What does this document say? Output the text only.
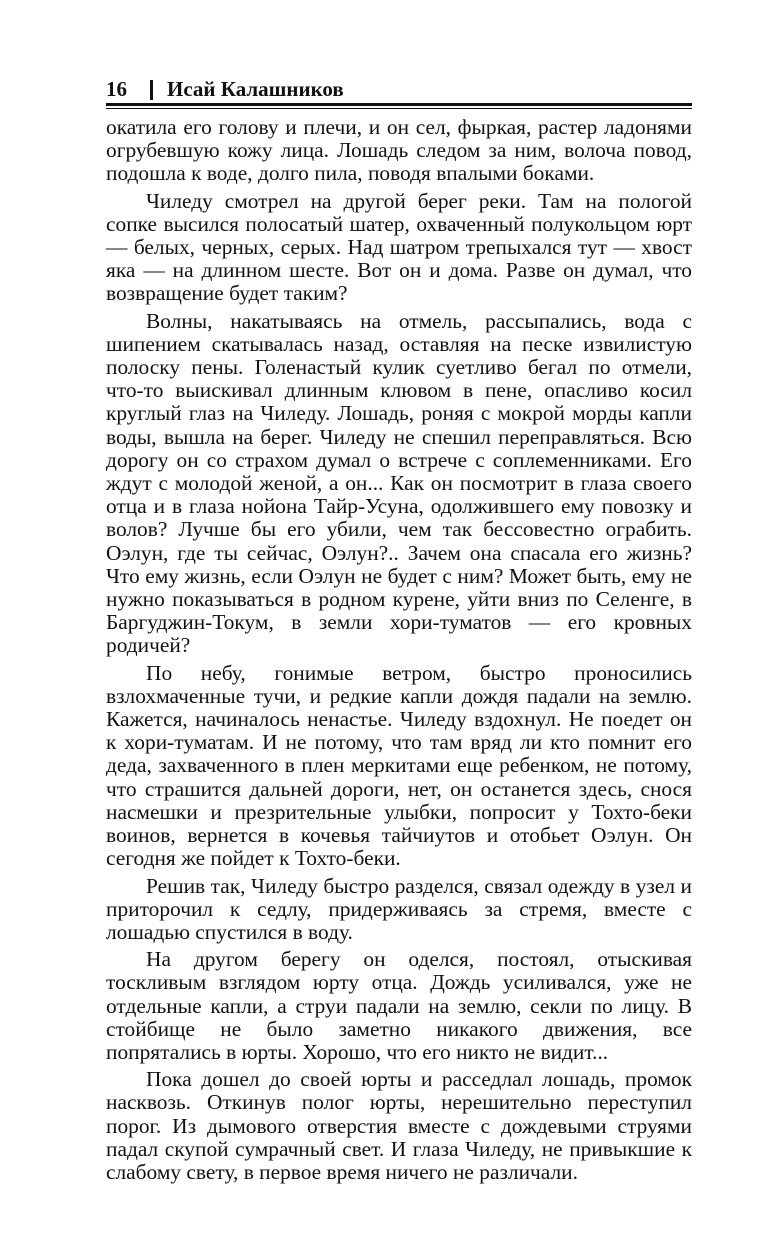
16	Исай Калашников

окатила его голову и плечи, и он сел, фыркая, растер ладонями огрубевшую кожу лица. Лошадь следом за ним, волоча повод, подошла к воде, долго пила, поводя впалыми боками.

Чиледу смотрел на другой берег реки. Там на пологой сопке высился полосатый шатер, охваченный полукольцом юрт — белых, черных, серых. Над шатром трепыхался тут — хвост яка — на длинном шесте. Вот он и дома. Разве он думал, что возвращение будет таким?

Волны, накатываясь на отмель, рассыпались, вода с шипением скатывалась назад, оставляя на песке извилистую полоску пены. Голенастый кулик суетливо бегал по отмели, что-то выискивал длинным клювом в пене, опасливо косил круглый глаз на Чиледу. Лошадь, роняя с мокрой морды капли воды, вышла на берег. Чиледу не спешил переправляться. Всю дорогу он со страхом думал о встрече с соплеменниками. Его ждут с молодой женой, а он... Как он посмотрит в глаза своего отца и в глаза нойона Тайр-Усуна, одолжившего ему повозку и волов? Лучше бы его убили, чем так бессовестно ограбить. Оэлун, где ты сейчас, Оэлун?.. Зачем она спасала его жизнь? Что ему жизнь, если Оэлун не будет с ним? Может быть, ему не нужно показываться в родном курене, уйти вниз по Селенге, в Баргуджин-Токум, в земли хори-туматов — его кровных родичей?

По небу, гонимые ветром, быстро проносились взлохмаченные тучи, и редкие капли дождя падали на землю. Кажется, начиналось ненастье. Чиледу вздохнул. Не поедет он к хори-туматам. И не потому, что там вряд ли кто помнит его деда, захваченного в плен меркитами еще ребенком, не потому, что страшится дальней дороги, нет, он останется здесь, снося насмешки и презрительные улыбки, попросит у Тохто-беки воинов, вернется в кочевья тайчиутов и отобьет Оэлун. Он сегодня же пойдет к Тохто-беки.

Решив так, Чиледу быстро разделся, связал одежду в узел и приторочил к седлу, придерживаясь за стремя, вместе с лошадью спустился в воду.

На другом берегу он оделся, постоял, отыскивая тоскливым взглядом юрту отца. Дождь усиливался, уже не отдельные капли, а струи падали на землю, секли по лицу. В стойбище не было заметно никакого движения, все попрятались в юрты. Хорошо, что его никто не видит...

Пока дошел до своей юрты и расседлал лошадь, промок насквозь. Откинув полог юрты, нерешительно переступил порог. Из дымового отверстия вместе с дождевыми струями падал скупой сумрачный свет. И глаза Чиледу, не привыкшие к слабому свету, в первое время ничего не различали.
